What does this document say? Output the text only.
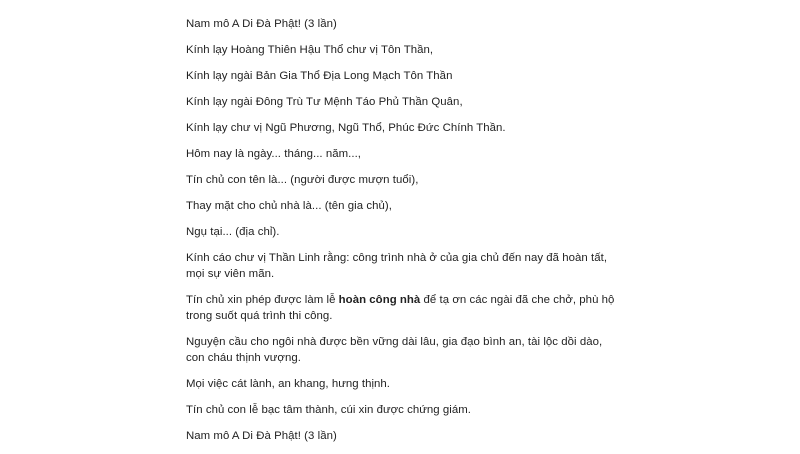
Nam mô A Di Đà Phật! (3 lần)

Kính lạy Hoàng Thiên Hậu Thổ chư vị Tôn Thần,

Kính lạy ngài Bản Gia Thổ Địa Long Mạch Tôn Thần

Kính lạy ngài Đông Trù Tư Mệnh Táo Phủ Thần Quân,

Kính lạy chư vị Ngũ Phương, Ngũ Thổ, Phúc Đức Chính Thần.

Hôm nay là ngày... tháng... năm...,

Tín chủ con tên là... (người được mượn tuổi),

Thay mặt cho chủ nhà là... (tên gia chủ),

Ngụ tại... (địa chỉ).

Kính cáo chư vị Thần Linh rằng: công trình nhà ở của gia chủ đến nay đã hoàn tất, mọi sự viên mãn.

Tín chủ xin phép được làm lễ hoàn công nhà để tạ ơn các ngài đã che chở, phù hộ trong suốt quá trình thi công.

Nguyện cầu cho ngôi nhà được bền vững dài lâu, gia đạo bình an, tài lộc dồi dào, con cháu thịnh vượng.

Mọi việc cát lành, an khang, hưng thịnh.

Tín chủ con lễ bạc tâm thành, cúi xin được chứng giám.

Nam mô A Di Đà Phật! (3 lần)
